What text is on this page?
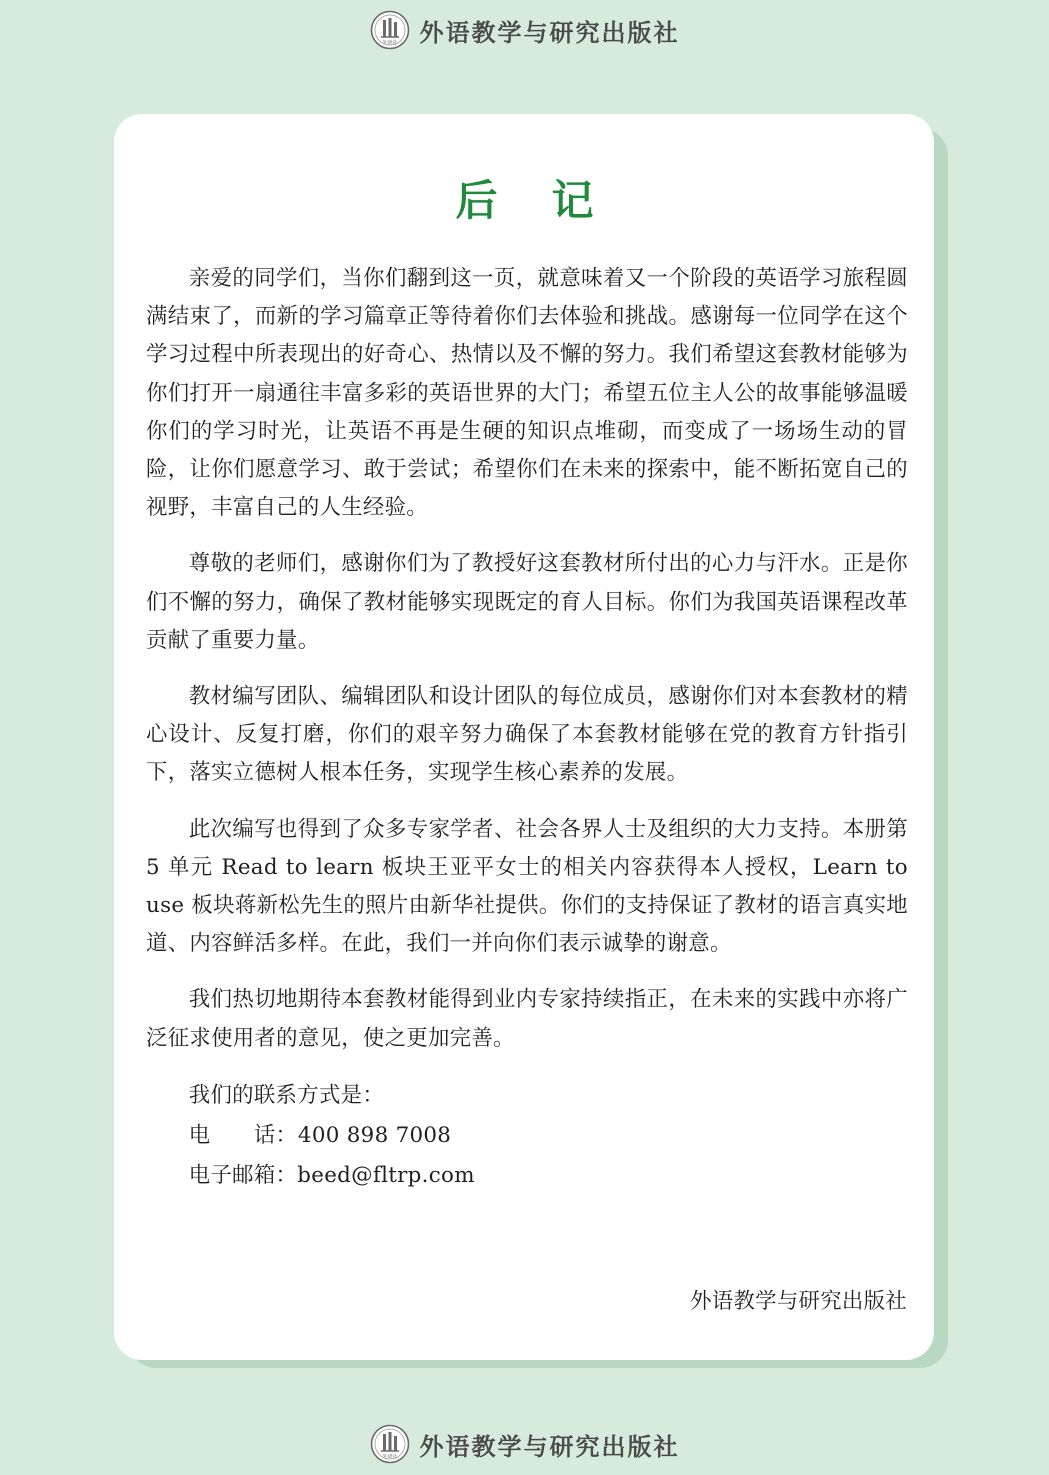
外研社 外语教学与研究出版社
后记

亲爱的同学们，当你们翻到这一页，就意味着又一个阶段的英语学习旅程圆满结束了，而新的学习篇章正等待着你们去体验和挑战。感谢每一位同学在这个学习过程中所表现出的好奇心、热情以及不懈的努力。我们希望这套教材能够为你们打开一扇通往丰富多彩的英语世界的大门；希望五位主人公的故事能够温暖你们的学习时光，让英语不再是生硬的知识点堆砌，而变成了一场场生动的冒险，让你们愿意学习、敢于尝试；希望你们在未来的探索中，能不断拓宽自己的视野，丰富自己的人生经验。

尊敬的老师们，感谢你们为了教授好这套教材所付出的心力与汗水。正是你们不懈的努力，确保了教材能够实现既定的育人目标。你们为我国英语课程改革贡献了重要力量。

教材编写团队、编辑团队和设计团队的每位成员，感谢你们对本套教材的精心设计、反复打磨，你们的艰辛努力确保了本套教材能够在党的教育方针指引下，落实立德树人根本任务，实现学生核心素养的发展。

此次编写也得到了众多专家学者、社会各界人士及组织的大力支持。本册第 5 单元 Read to learn 板块王亚平女士的相关内容获得本人授权，Learn to use 板块蒋新松先生的照片由新华社提供。你们的支持保证了教材的语言真实地道、内容鲜活多样。在此，我们一并向你们表示诚挚的谢意。

我们热切地期待本套教材能得到业内专家持续指正，在未来的实践中亦将广泛征求使用者的意见，使之更加完善。

我们的联系方式是：
电　　话：400 898 7008
电子邮箱：beed@fltrp.com
外语教学与研究出版社
外研社 外语教学与研究出版社
